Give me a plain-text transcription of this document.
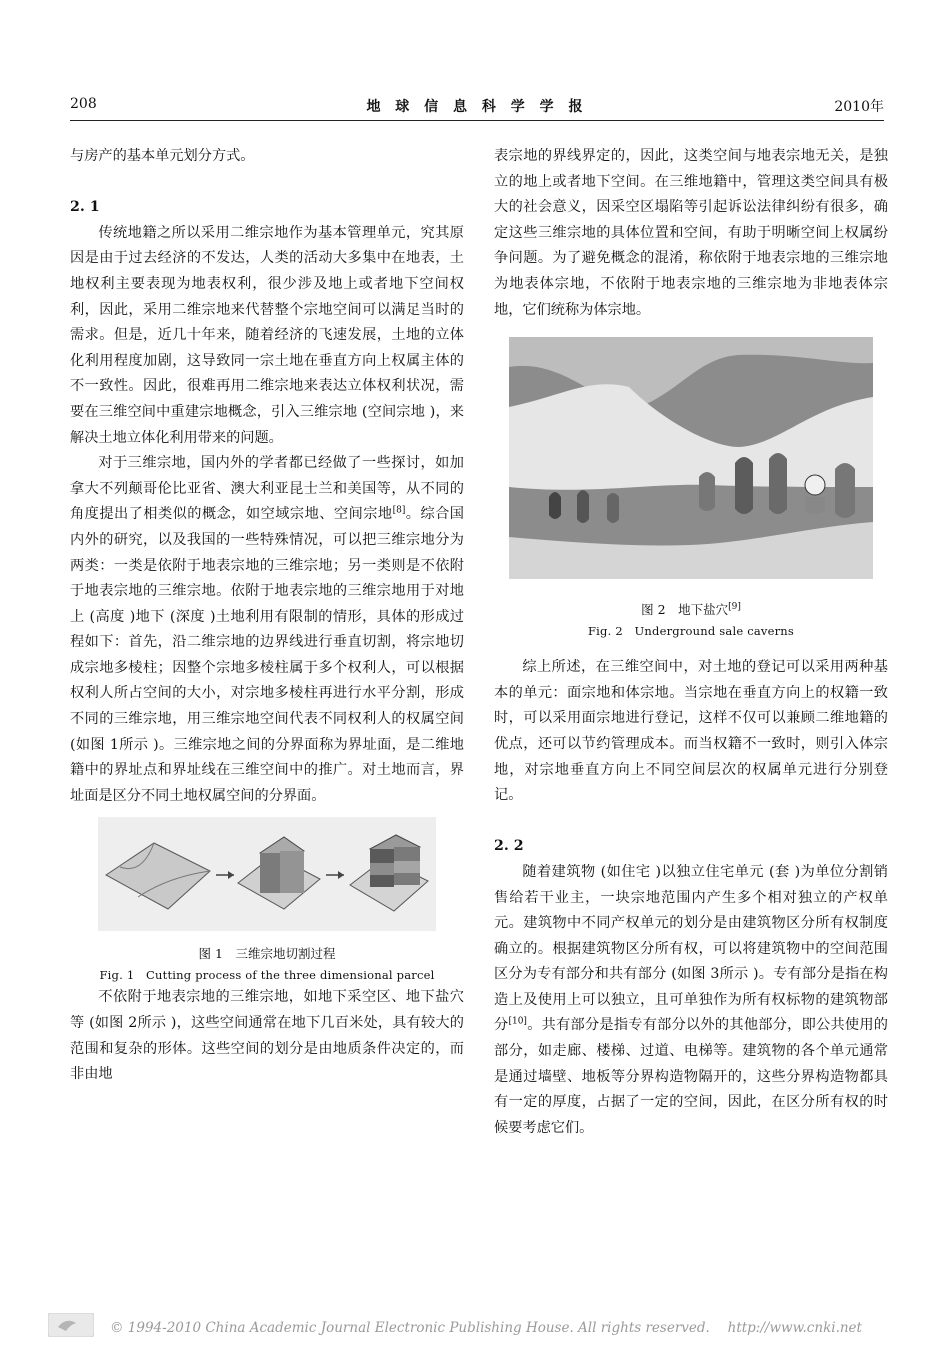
208	地 球 信 息 科 学 学 报	2010年

与房产的基本单元划分方式。

2. 1

传统地籍之所以采用二维宗地作为基本管理单元，究其原因是由于过去经济的不发达，人类的活动大多集中在地表，土地权利主要表现为地表权利，很少涉及地上或者地下空间权利，因此，采用二维宗地来代替整个宗地空间可以满足当时的需求。但是，近几十年来，随着经济的飞速发展，土地的立体化利用程度加剧，这导致同一宗土地在垂直方向上权属主体的不一致性。因此，很难再用二维宗地来表达立体权利状况，需要在三维空间中重建宗地概念，引入三维宗地 (空间宗地 )，来解决土地立体化利用带来的问题。

对于三维宗地，国内外的学者都已经做了一些探讨，如加拿大不列颠哥伦比亚省、澳大利亚昆士兰和美国等，从不同的角度提出了相类似的概念，如空域宗地、空间宗地[8]。综合国内外的研究，以及我国的一些特殊情况，可以把三维宗地分为两类：一类是依附于地表宗地的三维宗地；另一类则是不依附于地表宗地的三维宗地。依附于地表宗地的三维宗地用于对地上 (高度 )地下 (深度 )土地利用有限制的情形，具体的形成过程如下：首先，沿二维宗地的边界线进行垂直切割，将宗地切成宗地多棱柱；因整个宗地多棱柱属于多个权利人，可以根据权利人所占空间的大小，对宗地多棱柱再进行水平分割，形成不同的三维宗地，用三维宗地空间代表不同权利人的权属空间 (如图 1所示 )。三维宗地之间的分界面称为界址面，是二维地籍中的界址点和界址线在三维空间中的推广。对土地而言，界址面是区分不同土地权属空间的分界面。

图 1　三维宗地切割过程

Fig. 1　Cutting process of the three dimensional parcel

不依附于地表宗地的三维宗地，如地下采空区、地下盐穴等 (如图 2所示 )，这些空间通常在地下几百米处，具有较大的范围和复杂的形体。这些空间的划分是由地质条件决定的，而非由地

表宗地的界线界定的，因此，这类空间与地表宗地无关，是独立的地上或者地下空间。在三维地籍中，管理这类空间具有极大的社会意义，因采空区塌陷等引起诉讼法律纠纷有很多，确定这些三维宗地的具体位置和空间，有助于明晰空间上权属纷争问题。为了避免概念的混淆，称依附于地表宗地的三维宗地为地表体宗地，不依附于地表宗地的三维宗地为非地表体宗地，它们统称为体宗地。

图 2　地下盐穴[9]

Fig. 2　Underground sale caverns

综上所述，在三维空间中，对土地的登记可以采用两种基本的单元：面宗地和体宗地。当宗地在垂直方向上的权籍一致时，可以采用面宗地进行登记，这样不仅可以兼顾二维地籍的优点，还可以节约管理成本。而当权籍不一致时，则引入体宗地，对宗地垂直方向上不同空间层次的权属单元进行分别登记。

2. 2

随着建筑物 (如住宅 )以独立住宅单元 (套 )为单位分割销售给若干业主，一块宗地范围内产生多个相对独立的产权单元。建筑物中不同产权单元的划分是由建筑物区分所有权制度确立的。根据建筑物区分所有权，可以将建筑物中的空间范围区分为专有部分和共有部分 (如图 3所示 )。专有部分是指在构造上及使用上可以独立，且可单独作为所有权标物的建筑物部分[10]。共有部分是指专有部分以外的其他部分，即公共使用的部分，如走廊、楼梯、过道、电梯等。建筑物的各个单元通常是通过墙壁、地板等分界构造物隔开的，这些分界构造物都具有一定的厚度，占据了一定的空间，因此，在区分所有权的时候要考虑它们。

© 1994-2010 China Academic Journal Electronic Publishing House. All rights reserved.　 http://www.cnki.net
